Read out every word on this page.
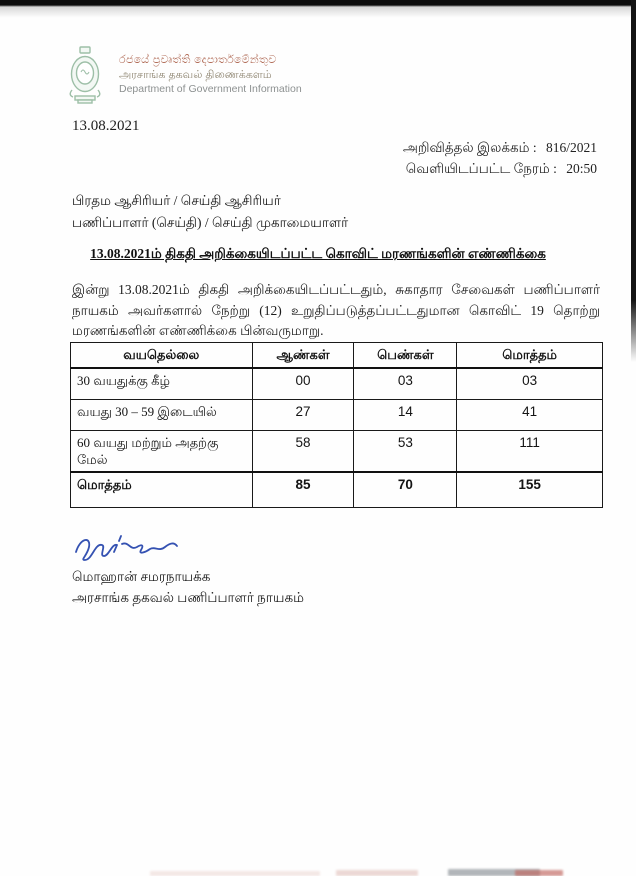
රජයේ ප්‍රවෘත්ති දෙපාර්තමේන්තුව
அரசாங்க தகவல் திணைக்களம்
Department of Government Information
13.08.2021
அறிவித்தல் இலக்கம் : 816/2021
வெளியிடப்பட்ட நேரம் : 20:50
பிரதம ஆசிரியர் / செய்தி ஆசிரியர்
பணிப்பாளர் (செய்தி) / செய்தி முகாமையாளர்
13.08.2021ம் திகதி அறிக்கையிடப்பட்ட கொவிட் மரணங்களின் எண்ணிக்கை
இன்று 13.08.2021ம் திகதி அறிக்கையிடப்பட்டதும், சுகாதார சேவைகள் பணிப்பாளர் நாயகம் அவர்களால் நேற்று (12) உறுதிப்படுத்தப்பட்டதுமான கொவிட் 19 தொற்று மரணங்களின் எண்ணிக்கை பின்வருமாறு.
வயதெல்லை	ஆண்கள்	பெண்கள்	மொத்தம்
30 வயதுக்கு கீழ்	00	03	03
வயது 30 – 59 இடையில்	27	14	41
60 வயது மற்றும் அதற்கு மேல்	58	53	111
மொத்தம்	85	70	155
மொஹான் சமரநாயக்க
அரசாங்க தகவல் பணிப்பாளர் நாயகம்
